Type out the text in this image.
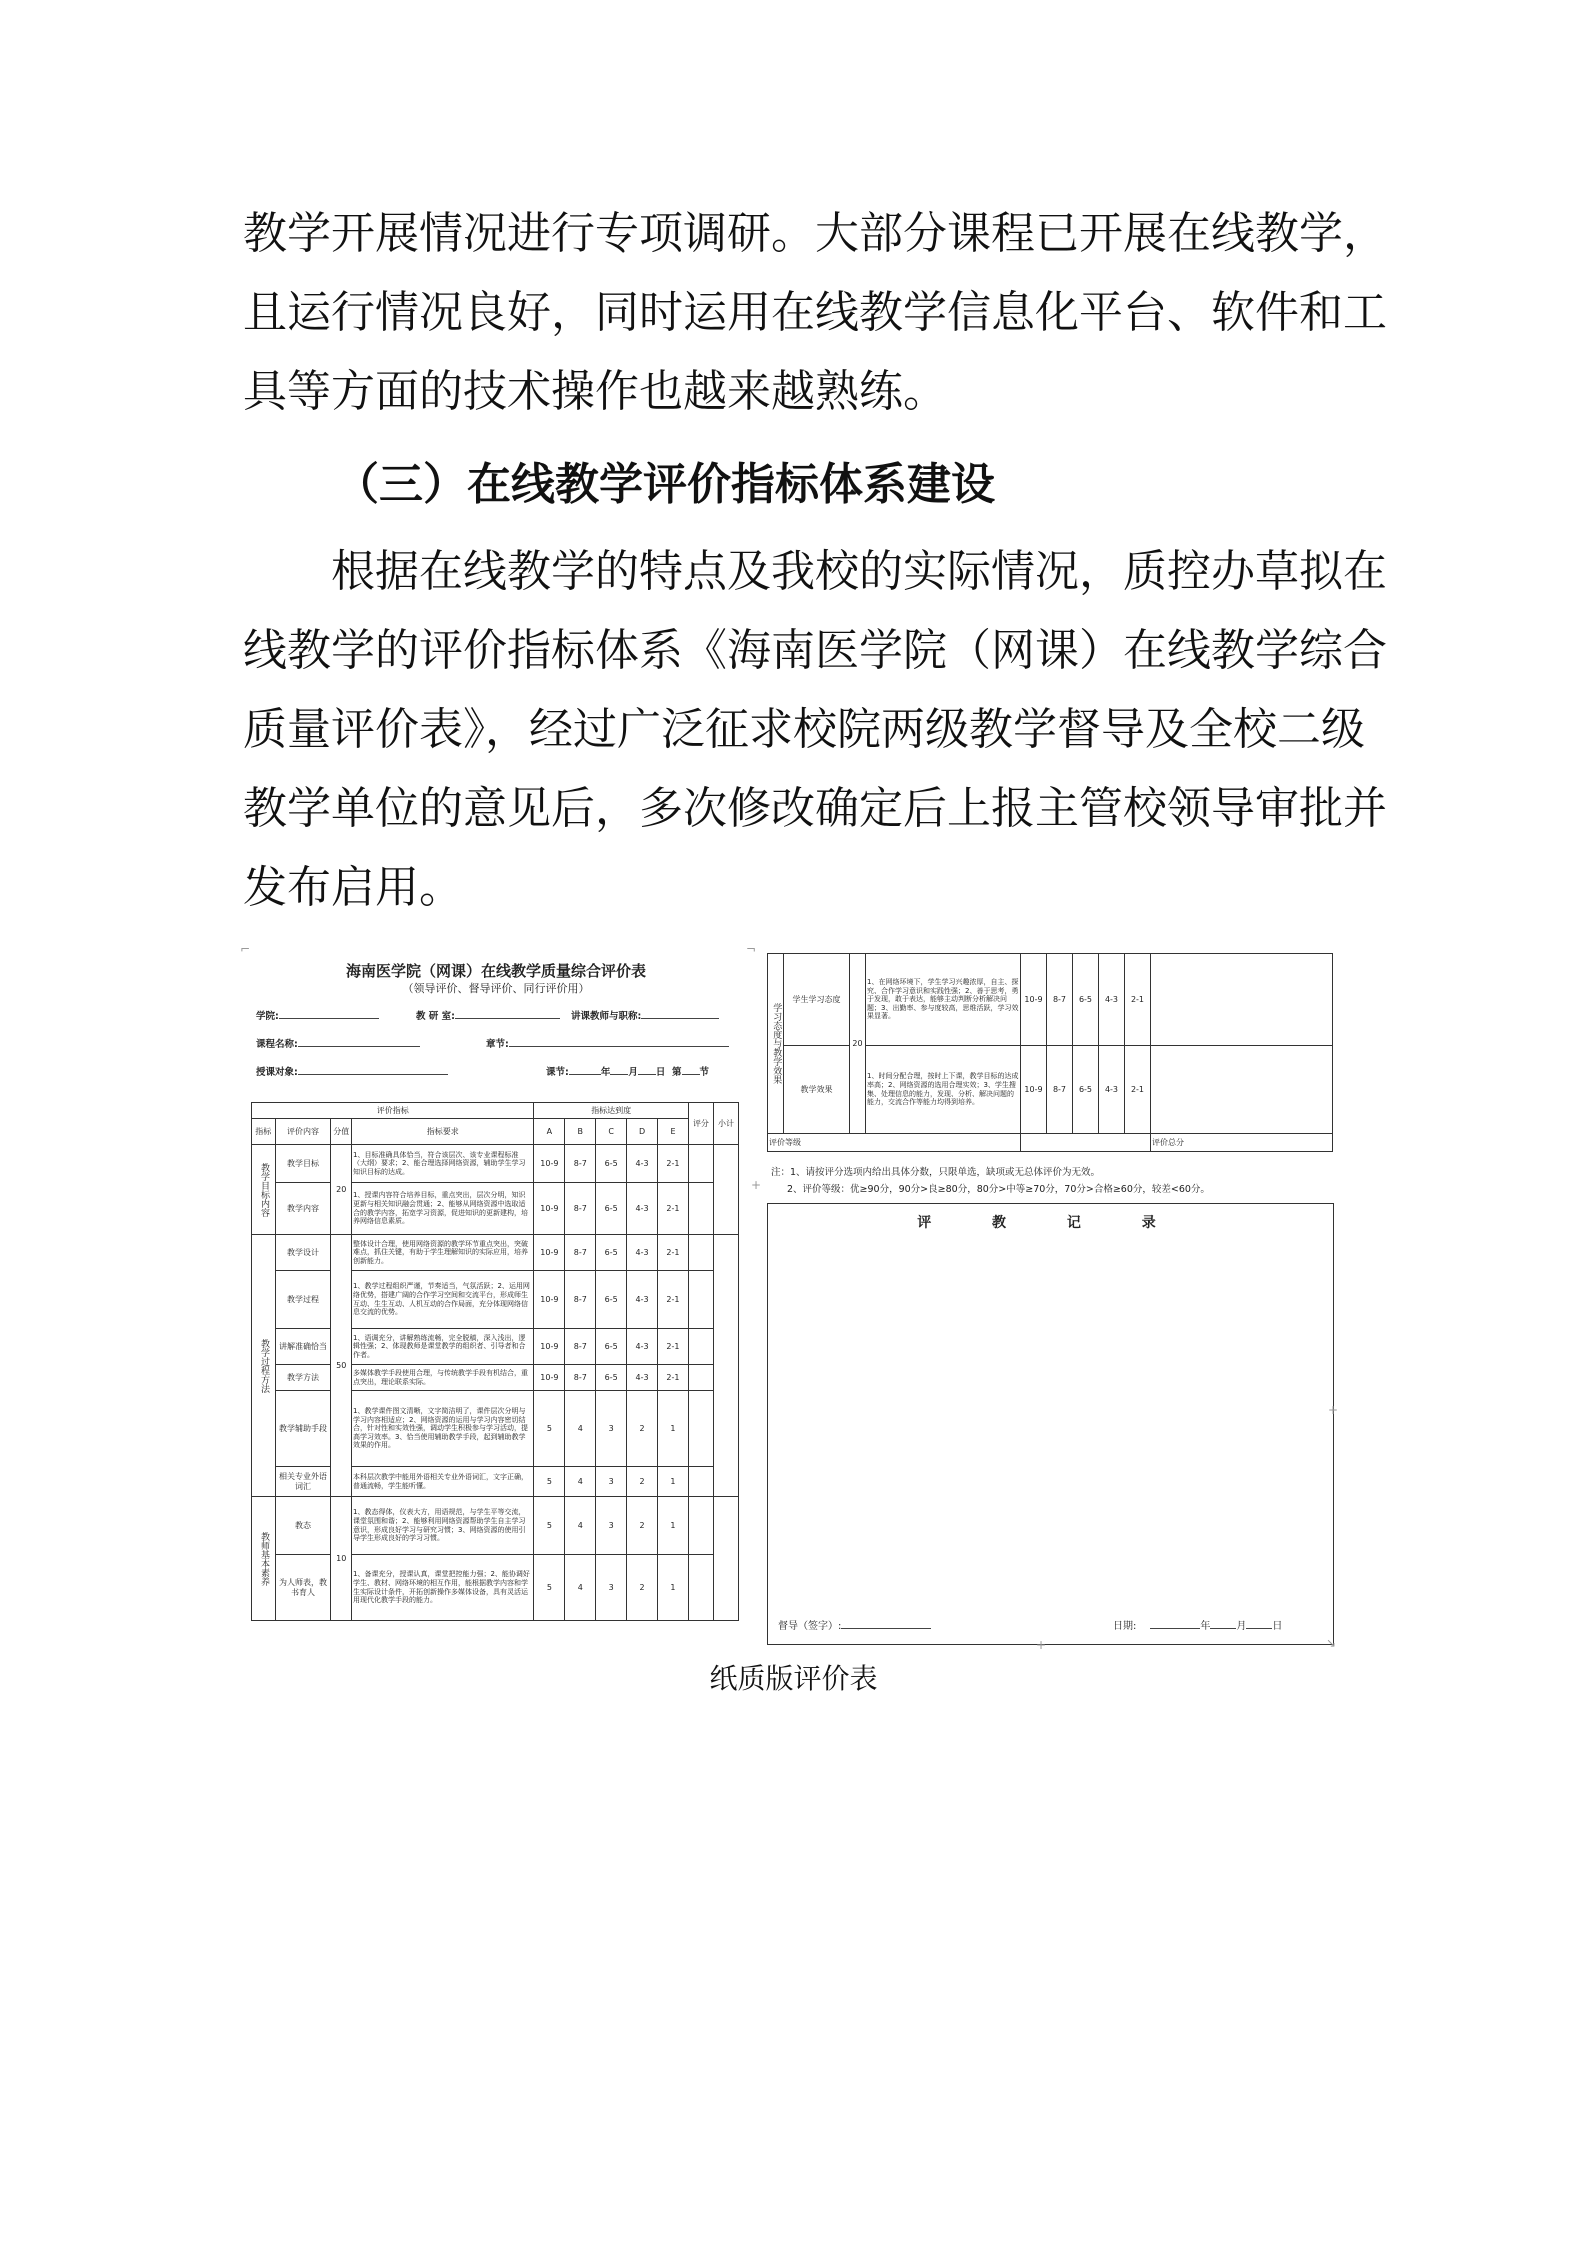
教学开展情况进行专项调研。大部分课程已开展在线教学，
且运行情况良好，同时运用在线教学信息化平台、软件和工
具等方面的技术操作也越来越熟练。
（三）在线教学评价指标体系建设
根据在线教学的特点及我校的实际情况，质控办草拟在
线教学的评价指标体系《海南医学院（网课）在线教学综合
质量评价表》，经过广泛征求校院两级教学督导及全校二级
教学单位的意见后，多次修改确定后上报主管校领导审批并
发布启用。
海南医学院（网课）在线教学质量综合评价表
（领导评价、督导评价、同行评价用）
学院:	教 研 室:	讲课教师与职称:
课程名称:	章节:
授课对象:	课节:	年 月 日 第 节
评价指标				指标达到度					评分	小计
指标	评价内容	分值	指标要求	A	B	C	D	E		
教学目标内容	教学目标	20	1、目标准确具体恰当，符合该层次、该专业课程标准（大纲）要求；2、能合理选择网络资源，辅助学生学习知识目标的达成。	10-9	8-7	6-5	4-3	2-1		
	教学内容		1、授课内容符合培养目标，重点突出，层次分明，知识更新与相关知识融会贯通；2、能够从网络资源中选取适合的教学内容，拓宽学习资源，促进知识的更新建构，培养网络信息素质。	10-9	8-7	6-5	4-3	2-1		
教学过程方法	教学设计	50	整体设计合理，使用网络资源的教学环节重点突出，突破难点，抓住关键，有助于学生理解知识的实际应用，培养创新能力。	10-9	8-7	6-5	4-3	2-1		
	教学过程		1、教学过程组织严谨，节奏适当，气氛活跃；2、运用网络优势，搭建广阔的合作学习空间和交流平台，形成师生互动、生生互动、人机互动的合作局面，充分体现网络信息交流的优势。	10-9	8-7	6-5	4-3	2-1		
	讲解准确恰当		1、语调充分，讲解熟练流畅，完全脱稿，深入浅出，逻辑性强；2、体现教师是课堂教学的组织者、引导者和合作者。	10-9	8-7	6-5	4-3	2-1		
	教学方法		多媒体教学手段使用合理，与传统教学手段有机结合，重点突出，理论联系实际。	10-9	8-7	6-5	4-3	2-1		
	教学辅助手段		1、教学课件图文清晰，文字简洁明了，课件层次分明与学习内容相适应；2、网络资源的运用与学习内容密切结合，针对性和实效性强，调动学生积极参与学习活动，提高学习效率。3、恰当使用辅助教学手段，起到辅助教学效果的作用。	5	4	3	2	1		
	相关专业外语词汇		本科层次教学中能用外语相关专业外语词汇，文字正确，普通流畅，学生能听懂。	5	4	3	2	1		
教师基本素养	教态	10	1、教态得体，仪表大方，用语规范，与学生平等交流，课堂氛围和谐；2、能够利用网络资源帮助学生自主学习意识，形成良好学习与研究习惯；3、网络资源的使用引导学生形成良好的学习习惯。	5	4	3	2	1		
	为人师表，教书育人		1、备课充分，授课认真，课堂把控能力强；2、能协调好学生、教材、网络环境的相互作用，能根据教学内容和学生实际设计条件，开拓创新操作多媒体设备，具有灵活运用现代化教学手段的能力。	5	4	3	2	1		
学习态度与教学效果	学生学习态度	20	1、在网络环境下，学生学习兴趣浓厚，自主、探究、合作学习意识和实践性强；2、善于思考，勇于发现，敢于表达，能够主动判断分析解决问题；3、出勤率、参与度较高，思维活跃，学习效果显著。	10-9	8-7	6-5	4-3	2-1	
	教学效果		1、时间分配合理，按时上下课，教学目标的达成率高；2、网络资源的选用合理实效；3、学生搜集、处理信息的能力，发现、分析、解决问题的能力，交流合作等能力均得到培养。	10-9	8-7	6-5	4-3	2-1	
评价等级									评价总分
注：1、请按评分选项内给出具体分数，只限单选，缺项或无总体评价为无效。
2、评价等级：优≥90分，90分>良≥80分，80分>中等≥70分，70分>合格≥60分，较差<60分。
评 教 记 录
督导（签字）:	日期:	年	月	日
⌐	¬
+
+
+	↘
纸质版评价表
